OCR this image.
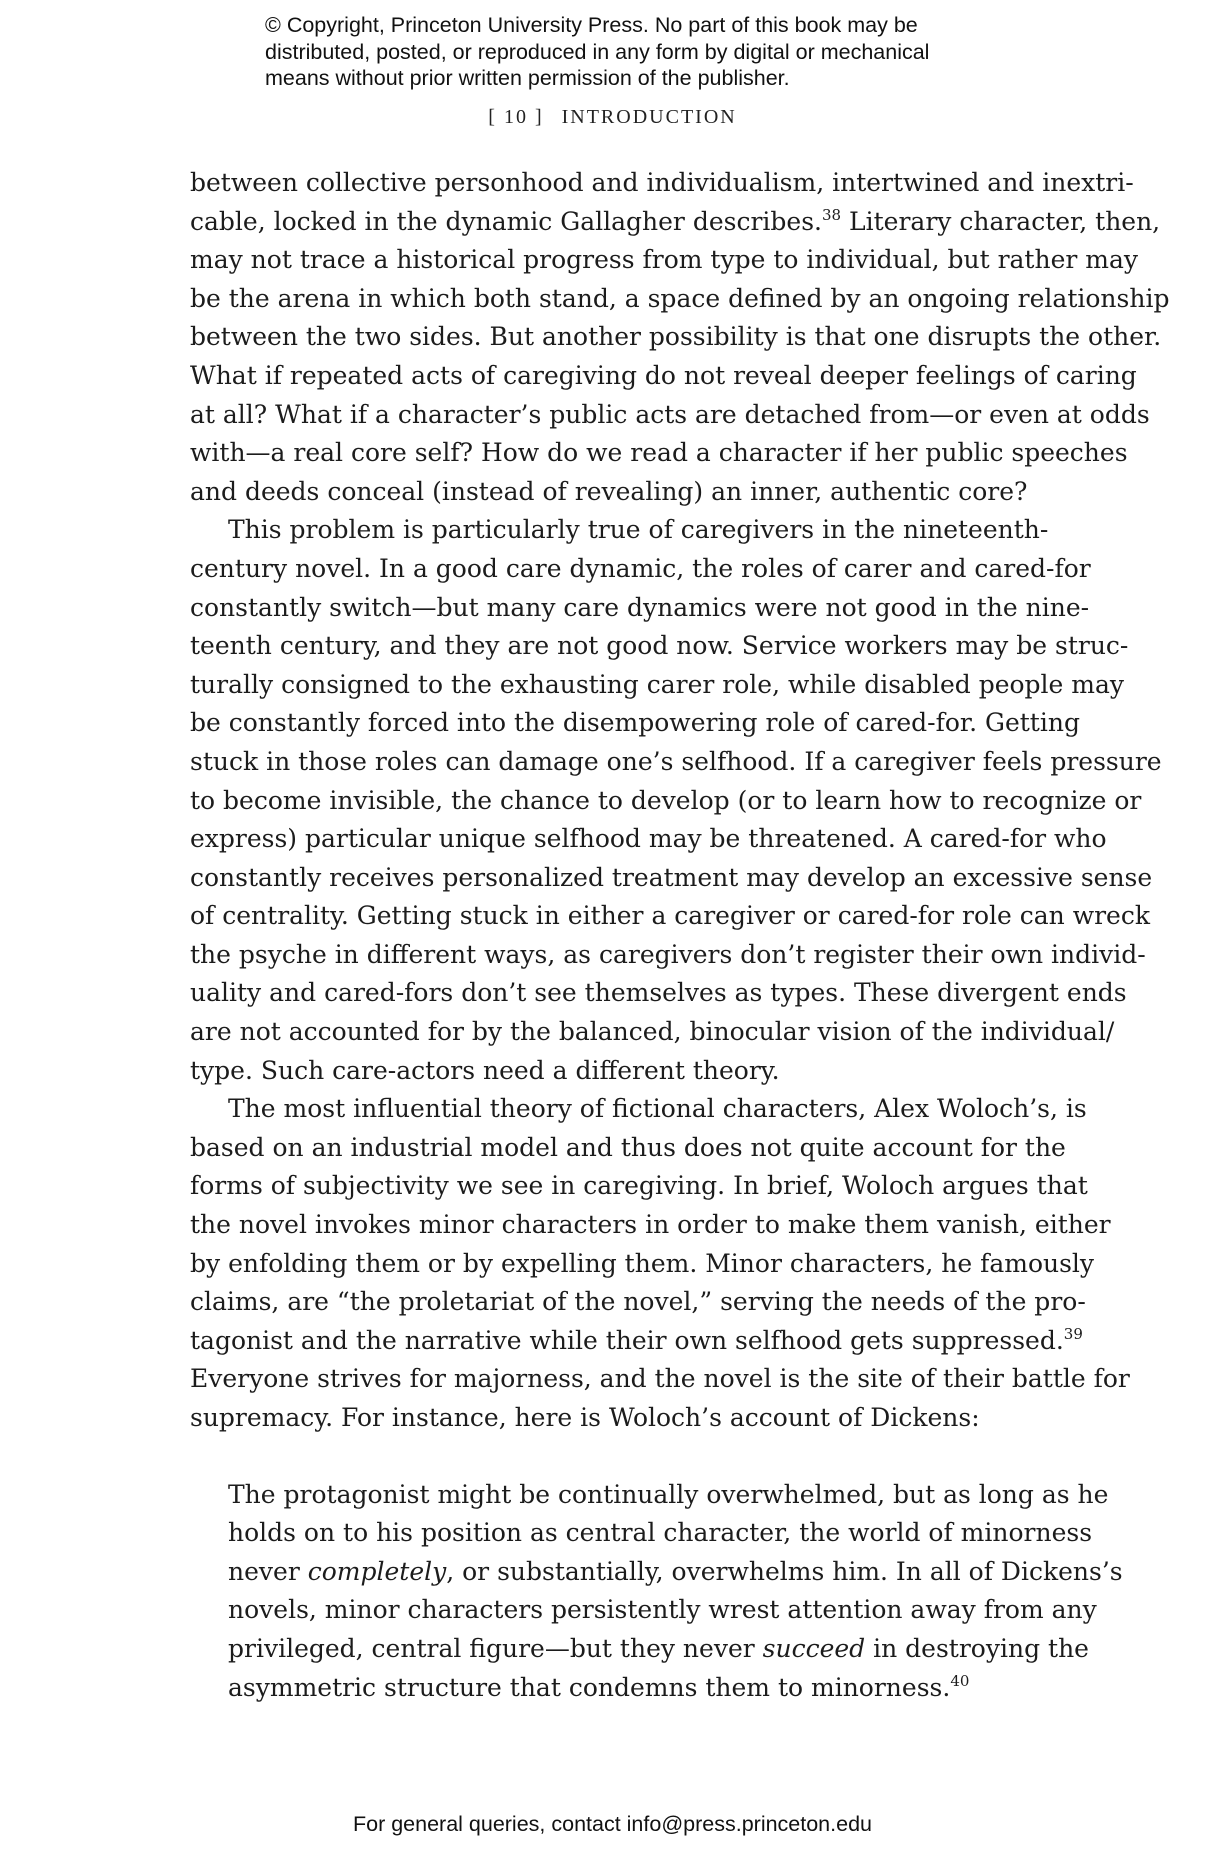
© Copyright, Princeton University Press. No part of this book may be
distributed, posted, or reproduced in any form by digital or mechanical
means without prior written permission of the publisher.
[ 10 ] INTRODUCTION
between collective personhood and individualism, intertwined and inextri-
cable, locked in the dynamic Gallagher describes.$^{38}$ Literary character, then,
may not trace a historical progress from type to individual, but rather may
be the arena in which both stand, a space defined by an ongoing relationship
between the two sides. But another possibility is that one disrupts the other.
What if repeated acts of caregiving do not reveal deeper feelings of caring
at all? What if a character’s public acts are detached from—or even at odds
with—a real core self? How do we read a character if her public speeches
and deeds conceal (instead of revealing) an inner, authentic core?
This problem is particularly true of caregivers in the nineteenth-
century novel. In a good care dynamic, the roles of carer and cared-for
constantly switch—but many care dynamics were not good in the nine-
teenth century, and they are not good now. Service workers may be struc-
turally consigned to the exhausting carer role, while disabled people may
be constantly forced into the disempowering role of cared-for. Getting
stuck in those roles can damage one’s selfhood. If a caregiver feels pressure
to become invisible, the chance to develop (or to learn how to recognize or
express) particular unique selfhood may be threatened. A cared-for who
constantly receives personalized treatment may develop an excessive sense
of centrality. Getting stuck in either a caregiver or cared-for role can wreck
the psyche in different ways, as caregivers don’t register their own individ-
uality and cared-fors don’t see themselves as types. These divergent ends
are not accounted for by the balanced, binocular vision of the individual/
type. Such care-actors need a different theory.
The most influential theory of fictional characters, Alex Woloch’s, is
based on an industrial model and thus does not quite account for the
forms of subjectivity we see in caregiving. In brief, Woloch argues that
the novel invokes minor characters in order to make them vanish, either
by enfolding them or by expelling them. Minor characters, he famously
claims, are “the proletariat of the novel,” serving the needs of the pro-
tagonist and the narrative while their own selfhood gets suppressed.$^{39}$
Everyone strives for majorness, and the novel is the site of their battle for
supremacy. For instance, here is Woloch’s account of Dickens:
The protagonist might be continually overwhelmed, but as long as he
holds on to his position as central character, the world of minorness
never completely, or substantially, overwhelms him. In all of Dickens’s
novels, minor characters persistently wrest attention away from any
privileged, central figure—but they never succeed in destroying the
asymmetric structure that condemns them to minorness.$^{40}$
For general queries, contact info@press.princeton.edu
